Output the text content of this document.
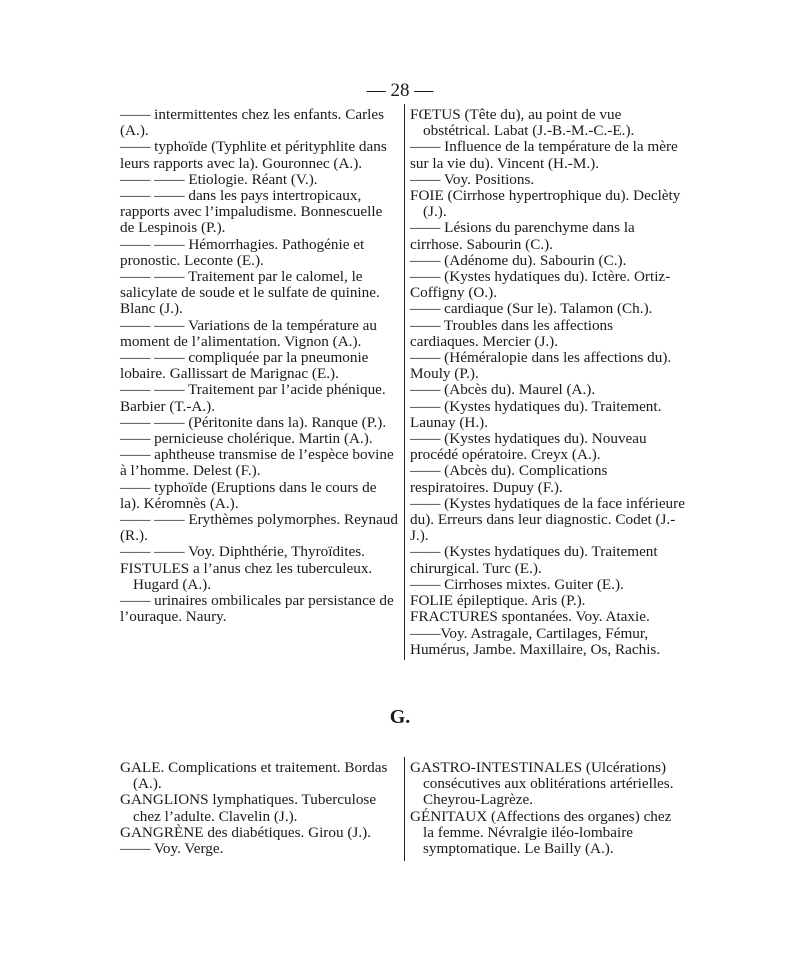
— 28 —

—— intermittentes chez les enfants. Carles (A.).

—— typhoïde (Typhlite et pérityphlite dans leurs rapports avec la). Gouronnec (A.).

—— —— Etiologie. Réant (V.).

—— —— dans les pays intertropicaux, rapports avec l’impaludisme. Bonnescuelle de Lespinois (P.).

—— —— Hémorrhagies. Pathogénie et pronostic. Leconte (E.).

—— —— Traitement par le calomel, le salicylate de soude et le sulfate de quinine. Blanc (J.).

—— —— Variations de la température au moment de l’alimentation. Vignon (A.).

—— —— compliquée par la pneumonie lobaire. Gallissart de Marignac (E.).

—— —— Traitement par l’acide phénique. Barbier (T.-A.).

—— —— (Péritonite dans la). Ranque (P.).

—— pernicieuse cholérique. Martin (A.).

—— aphtheuse transmise de l’espèce bovine à l’homme. Delest (F.).

—— typhoïde (Eruptions dans le cours de la). Kéromnès (A.).

—— —— Erythèmes polymorphes. Reynaud (R.).

—— —— Voy. Diphthérie, Thyroïdites.

FISTULES a l’anus chez les tuberculeux. Hugard (A.).

—— urinaires ombilicales par persistance de l’ouraque. Naury.

FŒTUS (Tête du), au point de vue obstétrical. Labat (J.-B.-M.-C.-E.).

—— Influence de la température de la mère sur la vie du). Vincent (H.-M.).

—— Voy. Positions.

FOIE (Cirrhose hypertrophique du). Declèty (J.).

—— Lésions du parenchyme dans la cirrhose. Sabourin (C.).

—— (Adénome du). Sabourin (C.).

—— (Kystes hydatiques du). Ictère. Ortiz-Coffigny (O.).

—— cardiaque (Sur le). Talamon (Ch.).

—— Troubles dans les affections cardiaques. Mercier (J.).

—— (Héméralopie dans les affections du). Mouly (P.).

—— (Abcès du). Maurel (A.).

—— (Kystes hydatiques du). Traitement. Launay (H.).

—— (Kystes hydatiques du). Nouveau procédé opératoire. Creyx (A.).

—— (Abcès du). Complications respiratoires. Dupuy (F.).

—— (Kystes hydatiques de la face inférieure du). Erreurs dans leur diagnostic. Codet (J.-J.).

—— (Kystes hydatiques du). Traitement chirurgical. Turc (E.).

—— Cirrhoses mixtes. Guiter (E.).

FOLIE épileptique. Aris (P.).

FRACTURES spontanées. Voy. Ataxie.

——Voy. Astragale, Cartilages, Fémur, Humérus, Jambe. Maxillaire, Os, Rachis.

G.

GALE. Complications et traitement. Bordas (A.).

GANGLIONS lymphatiques. Tuberculose chez l’adulte. Clavelin (J.).

GANGRÈNE des diabétiques. Girou (J.).

—— Voy. Verge.

GASTRO-INTESTINALES (Ulcérations) consécutives aux oblitérations artérielles. Cheyrou-Lagrèze.

GÉNITAUX (Affections des organes) chez la femme. Névralgie iléo-lombaire symptomatique. Le Bailly (A.).
